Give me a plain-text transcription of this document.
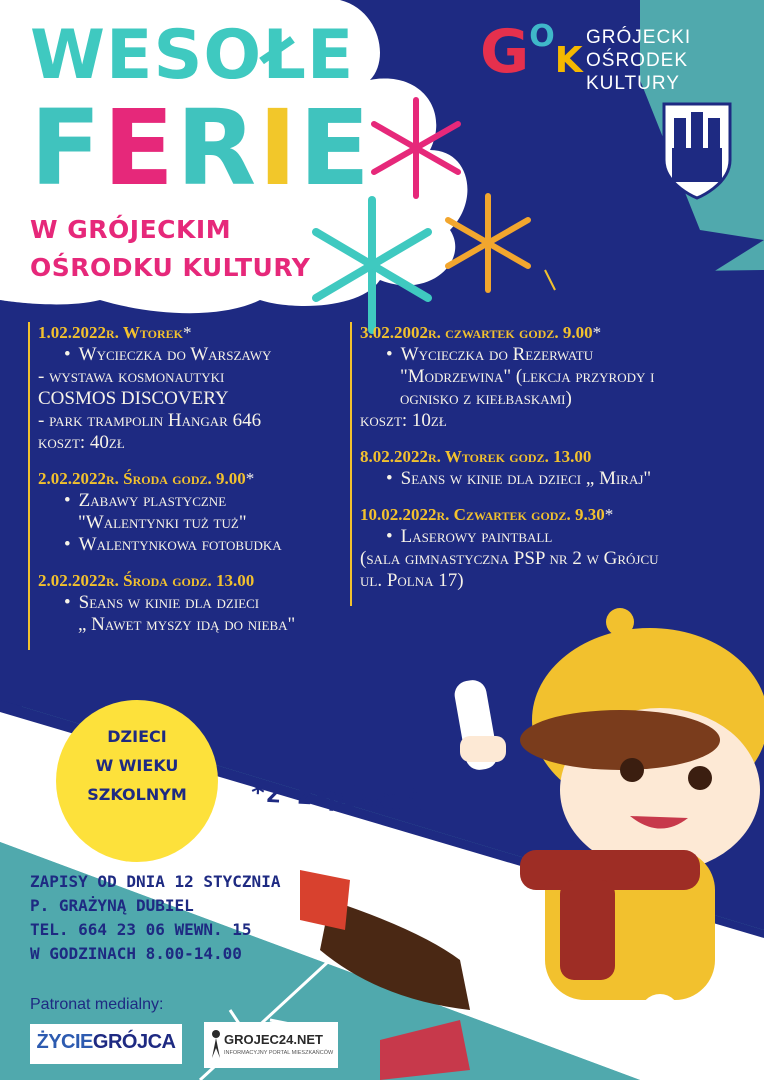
WESOŁE
FERIE
W GRÓJECKIM
OŚRODKU KULTURY
$G^OK$
GRÓJECKI
OŚRODEK
KULTURY
1.02.2022r. Wtorek*
• Wycieczka do Warszawy
- wystawa kosmonautyki
COSMOS DISCOVERY
- park trampolin Hangar 646
koszt: 40zł
2.02.2022r. Środa godz. 9.00*
• Zabawy plastyczne
"Walentynki tuż tuż"
• Walentynkowa fotobudka
2.02.2022r. Środa godz. 13.00
• Seans w kinie dla dzieci
„ Nawet myszy idą do nieba"
3.02.2002r. czwartek godz. 9.00*
• Wycieczka do Rezerwatu
"Modrzewina" (lekcja przyrody i
ognisko z kiełbaskami)
koszt: 10zł
8.02.2022r. Wtorek godz. 13.00
• Seans w kinie dla dzieci „ Miraj"
10.02.2022r. Czwartek godz. 9.30*
• Laserowy paintball
(sala gimnastyczna PSP nr 2 w Grójcu
ul. Polna 17)
DZIECI
W WIEKU
SZKOLNYM	*z zapisami
ZAPISY OD DNIA 12 STYCZNIA
P. GRAŻYNĄ DUBIEL
TEL. 664 23 06 WEWN. 15
W GODZINACH 8.00-14.00
Patronat medialny:
ŻYCIEGRÓJCA	GROJEC24.NET
INFORMACYJNY PORTAL MIESZKAŃCÓW
